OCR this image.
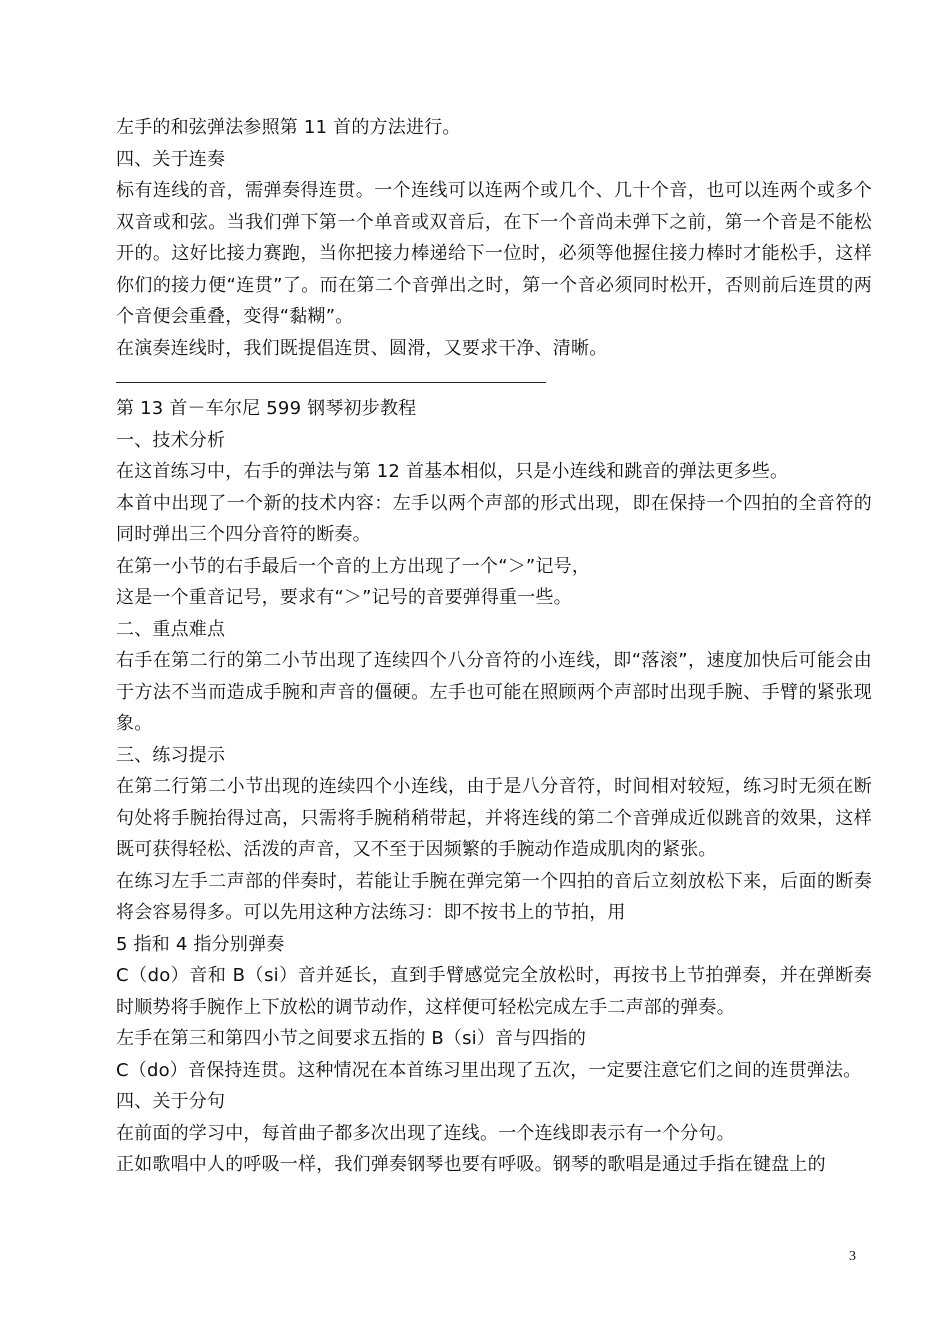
左手的和弦弹法参照第 11 首的方法进行。

四、关于连奏

标有连线的音，需弹奏得连贯。一个连线可以连两个或几个、几十个音，也可以连两个或多个双音或和弦。当我们弹下第一个单音或双音后，在下一个音尚未弹下之前，第一个音是不能松开的。这好比接力赛跑，当你把接力棒递给下一位时，必须等他握住接力棒时才能松手，这样你们的接力便“连贯”了。而在第二个音弹出之时，第一个音必须同时松开，否则前后连贯的两个音便会重叠，变得“黏糊”。

在演奏连线时，我们既提倡连贯、圆滑，又要求干净、清晰。

第 13 首－车尔尼 599 钢琴初步教程

一、技术分析

在这首练习中，右手的弹法与第 12 首基本相似，只是小连线和跳音的弹法更多些。

本首中出现了一个新的技术内容：左手以两个声部的形式出现，即在保持一个四拍的全音符的同时弹出三个四分音符的断奏。

在第一小节的右手最后一个音的上方出现了一个“＞”记号，

这是一个重音记号，要求有“＞”记号的音要弹得重一些。

二、重点难点

右手在第二行的第二小节出现了连续四个八分音符的小连线，即“落滚”，速度加快后可能会由于方法不当而造成手腕和声音的僵硬。左手也可能在照顾两个声部时出现手腕、手臂的紧张现象。

三、练习提示

在第二行第二小节出现的连续四个小连线，由于是八分音符，时间相对较短，练习时无须在断句处将手腕抬得过高，只需将手腕稍稍带起，并将连线的第二个音弹成近似跳音的效果，这样既可获得轻松、活泼的声音，又不至于因频繁的手腕动作造成肌肉的紧张。

在练习左手二声部的伴奏时，若能让手腕在弹完第一个四拍的音后立刻放松下来，后面的断奏将会容易得多。可以先用这种方法练习：即不按书上的节拍，用

5 指和 4 指分别弹奏

C（do）音和 B（si）音并延长，直到手臂感觉完全放松时，再按书上节拍弹奏，并在弹断奏时顺势将手腕作上下放松的调节动作，这样便可轻松完成左手二声部的弹奏。

左手在第三和第四小节之间要求五指的 B（si）音与四指的

C（do）音保持连贯。这种情况在本首练习里出现了五次，一定要注意它们之间的连贯弹法。

四、关于分句

在前面的学习中，每首曲子都多次出现了连线。一个连线即表示有一个分句。

正如歌唱中人的呼吸一样，我们弹奏钢琴也要有呼吸。钢琴的歌唱是通过手指在键盘上的

3
